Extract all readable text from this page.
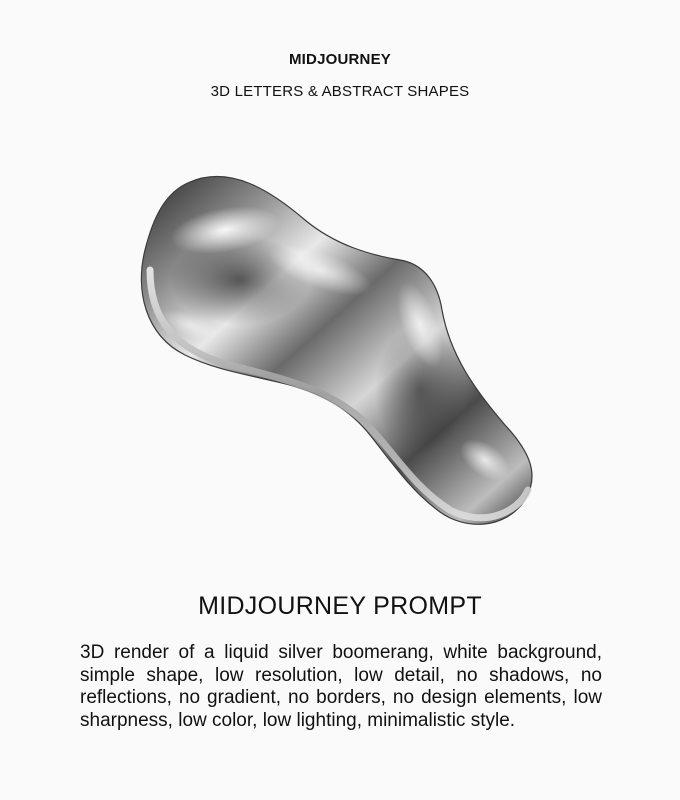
MIDJOURNEY

3D LETTERS & ABSTRACT SHAPES

MIDJOURNEY PROMPT

3D render of a liquid silver boomerang, white background, simple shape, low resolution, low detail, no shadows, no reflections, no gradient, no borders, no design elements, low sharpness, low color, low lighting, minimalistic style.
